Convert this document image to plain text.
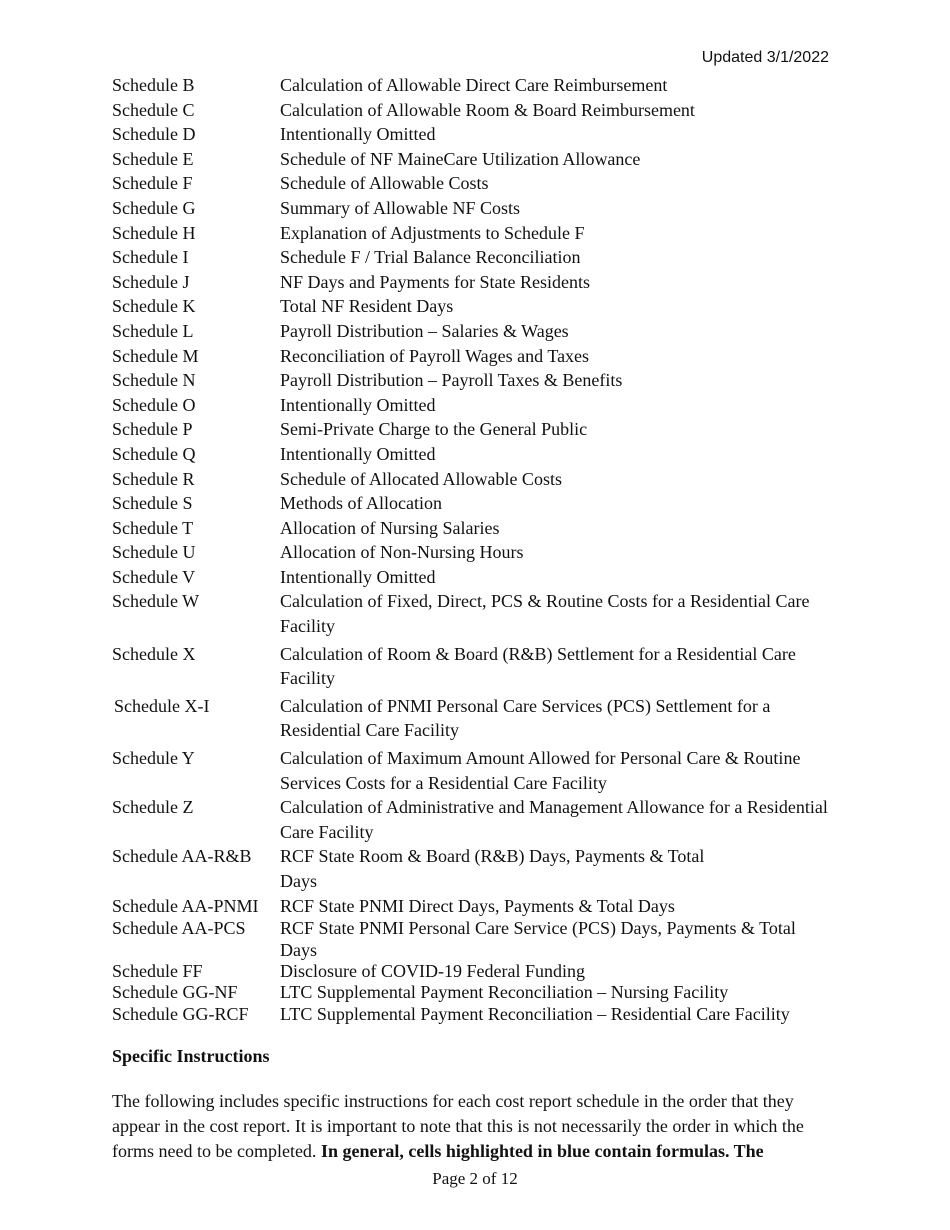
Updated 3/1/2022
Schedule B	Calculation of Allowable Direct Care Reimbursement
Schedule C	Calculation of Allowable Room & Board Reimbursement
Schedule D	Intentionally Omitted
Schedule E	Schedule of NF MaineCare Utilization Allowance
Schedule F	Schedule of Allowable Costs
Schedule G	Summary of Allowable NF Costs
Schedule H	Explanation of Adjustments to Schedule F
Schedule I	Schedule F / Trial Balance Reconciliation
Schedule J	NF Days and Payments for State Residents
Schedule K	Total NF Resident Days
Schedule L	Payroll Distribution – Salaries & Wages
Schedule M	Reconciliation of Payroll Wages and Taxes
Schedule N	Payroll Distribution – Payroll Taxes & Benefits
Schedule O	Intentionally Omitted
Schedule P	Semi-Private Charge to the General Public
Schedule Q	Intentionally Omitted
Schedule R	Schedule of Allocated Allowable Costs
Schedule S	Methods of Allocation
Schedule T	Allocation of Nursing Salaries
Schedule U	Allocation of Non-Nursing Hours
Schedule V	Intentionally Omitted
Schedule W	Calculation of Fixed, Direct, PCS & Routine Costs for a Residential Care Facility
Schedule X	Calculation of Room & Board (R&B) Settlement for a Residential Care Facility
Schedule X-I	Calculation of PNMI Personal Care Services (PCS) Settlement for a Residential Care Facility
Schedule Y	Calculation of Maximum Amount Allowed for Personal Care & Routine Services Costs for a Residential Care Facility
Schedule Z	Calculation of Administrative and Management Allowance for a Residential Care Facility
Schedule AA-R&B	RCF State Room & Board (R&B) Days, Payments & Total Days
Schedule AA-PNMI	RCF State PNMI Direct Days, Payments & Total Days
Schedule AA-PCS	RCF State PNMI Personal Care Service (PCS) Days, Payments & Total Days
Schedule FF	Disclosure of COVID-19 Federal Funding
Schedule GG-NF	LTC Supplemental Payment Reconciliation – Nursing Facility
Schedule GG-RCF	LTC Supplemental Payment Reconciliation – Residential Care Facility
Specific Instructions
The following includes specific instructions for each cost report schedule in the order that they appear in the cost report. It is important to note that this is not necessarily the order in which the forms need to be completed. In general, cells highlighted in blue contain formulas. The
Page 2 of 12
